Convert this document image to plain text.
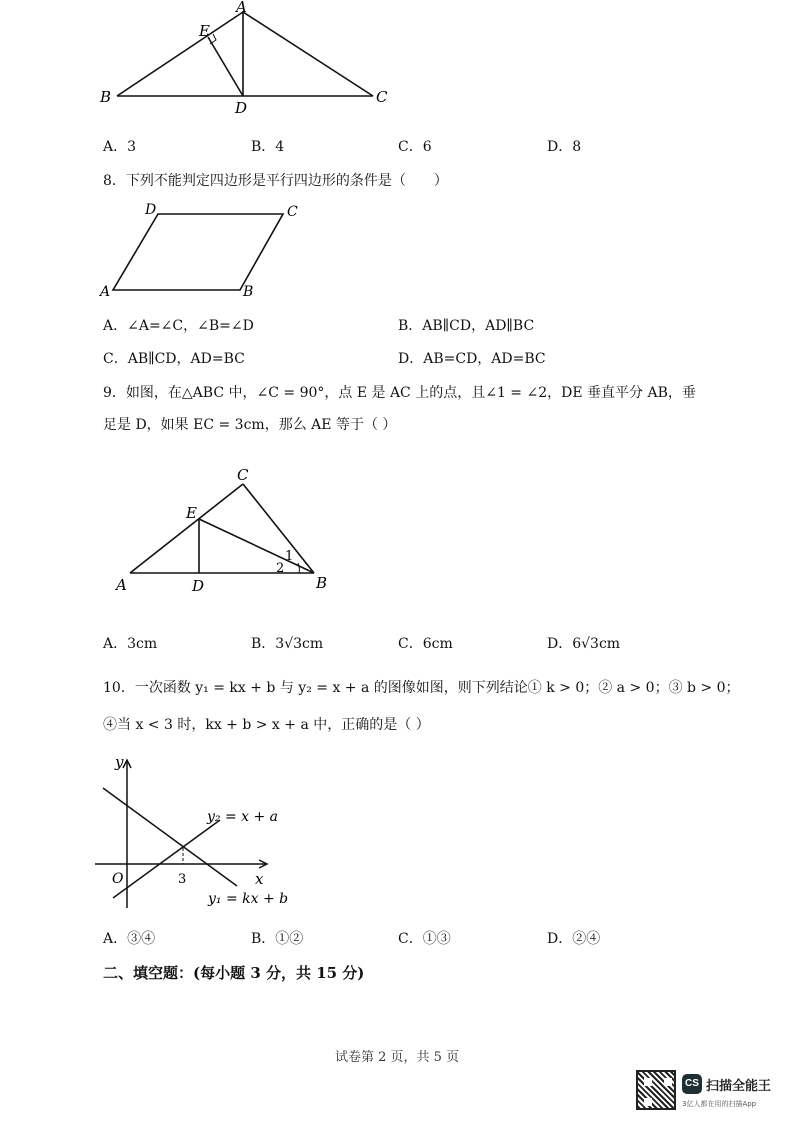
A
E
B
D
C
A．3	B．4	C．6	D．8
8．下列不能判定四边形是平行四边形的条件是（　　）
D	C
A	B
A．∠A=∠C，∠B=∠D	B．AB∥CD，AD∥BC
C．AB∥CD，AD=BC	D．AB=CD，AD=BC
9．如图，在△ABC 中，∠C = 90°，点 E 是 AC 上的点，且∠1 = ∠2，DE 垂直平分 AB，垂
足是 D，如果 EC = 3cm，那么 AE 等于（ ）
C
E
A	D	B
1
2
A．3cm	B．3√3cm	C．6cm	D．6√3cm
10．一次函数 y₁ = kx + b 与 y₂ = x + a 的图像如图，则下列结论① k > 0；② a > 0；③ b > 0；
④当 x < 3 时，kx + b > x + a 中，正确的是（ ）
y
x
O	3
y₂ = x + a
y₁ = kx + b
A．③④	B．①②	C．①③	D．②④
二、填空题：(每小题 3 分，共 15 分)
试卷第 2 页，共 5 页
CS 扫描全能王
3亿人都在用的扫描App
